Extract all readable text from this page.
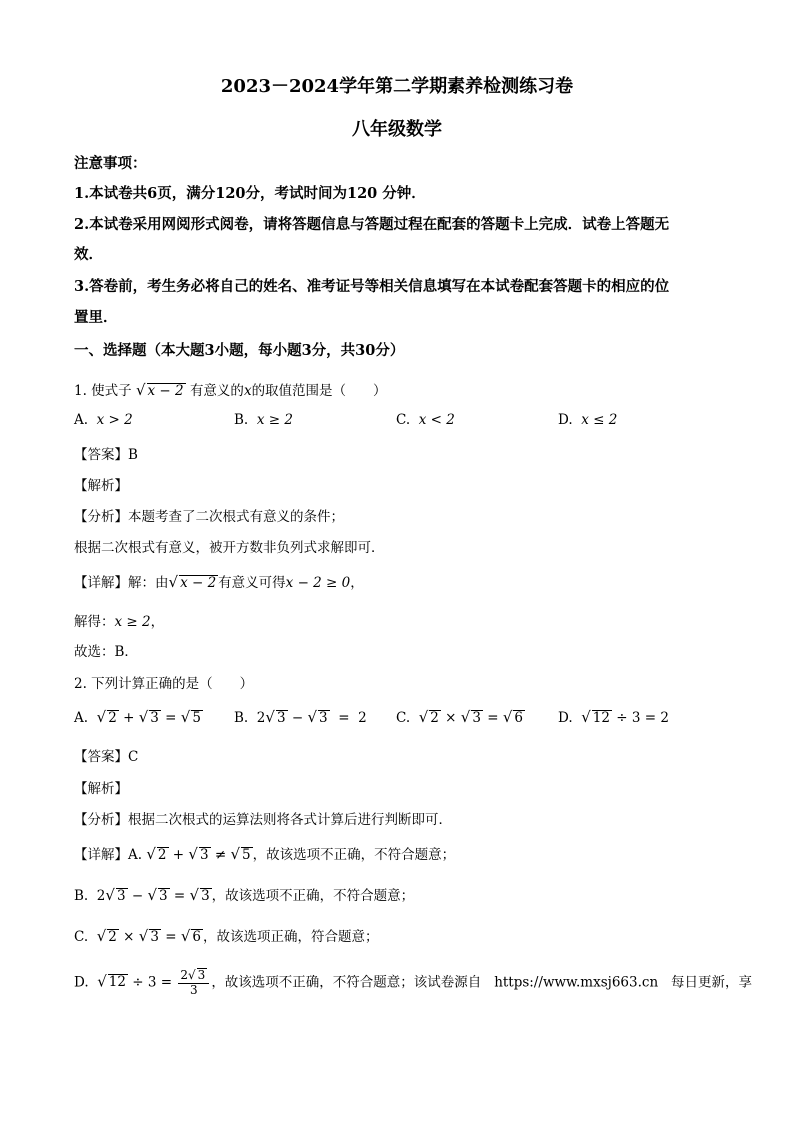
2023－2024学年第二学期素养检测练习卷
八年级数学
注意事项：
1.本试卷共6页，满分120分，考试时间为120 分钟．
2.本试卷采用网阅形式阅卷，请将答题信息与答题过程在配套的答题卡上完成．试卷上答题无
效．
3.答卷前，考生务必将自己的姓名、准考证号等相关信息填写在本试卷配套答题卡的相应的位
置里．
一、选择题（本大题3小题，每小题3分，共30分）
1. 使式子 √ x − 2 有意义的x的取值范围是（　　）
A. x > 2	B. x ≥ 2	C. x < 2	D. x ≤ 2
【答案】B
【解析】
【分析】本题考查了二次根式有意义的条件；
根据二次根式有意义，被开方数非负列式求解即可．
【详解】解：由√ x − 2 有意义可得x − 2 ≥ 0，
解得：x ≥ 2，
故选：B．
2. 下列计算正确的是（　　）
A. √ 2 + √ 3 = √ 5 B.  2√ 3 − √ 3  =  2 C. √ 2 × √ 3 = √ 6	D. √ 12 ÷ 3 = 2
【答案】C
【解析】
【分析】根据二次根式的运算法则将各式计算后进行判断即可．
【详解】A. √ 2 + √ 3 ≠ √ 5 ，故该选项不正确，不符合题意；
B.  2√ 3 − √ 3 = √ 3 ，故该选项不正确，不符合题意；
C. √ 2 × √ 3 = √ 6 ，故该选项正确，符合题意；
D. √ $12 \div 3 = \frac{2√ 3}{3}$ ，故该选项不正确，不符合题意；该试卷源自 https://www.mxsj663.cn 每日更新，享
